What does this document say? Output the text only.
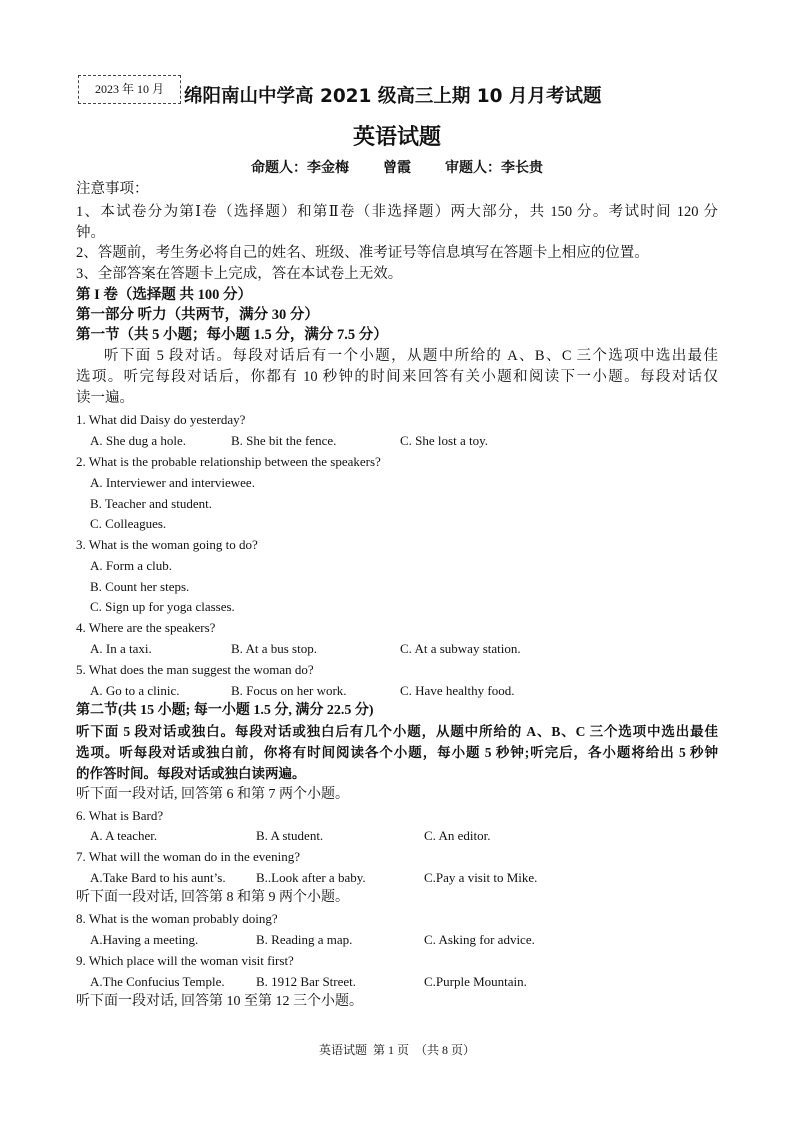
2023 年 10 月	绵阳南山中学高 2021 级高三上期 10 月月考试题
英语试题
命题人：李金梅    曾霞    审题人：李长贵
注意事项：
1、本试卷分为第Ⅰ卷（选择题）和第Ⅱ卷（非选择题）两大部分，共 150 分。考试时间 120 分
钟。
2、答题前，考生务必将自己的姓名、班级、准考证号等信息填写在答题卡上相应的位置。
3、全部答案在答题卡上完成，答在本试卷上无效。
第 I 卷（选择题 共 100 分）
第一部分 听力（共两节，满分 30 分）
第一节（共 5 小题；每小题 1.5 分，满分 7.5 分）
听下面 5 段对话。每段对话后有一个小题，从题中所给的 A、B、C 三个选项中选出最佳
选项。听完每段对话后，你都有 10 秒钟的时间来回答有关小题和阅读下一小题。每段对话仅
读一遍。
1. What did Daisy do yesterday?
A. She dug a hole.	B. She bit the fence.	C. She lost a toy.
2. What is the probable relationship between the speakers?
A. Interviewer and interviewee.
B. Teacher and student.
C. Colleagues.
3. What is the woman going to do?
A. Form a club.
B. Count her steps.
C. Sign up for yoga classes.
4. Where are the speakers?
A. In a taxi.	B. At a bus stop.	C. At a subway station.
5. What does the man suggest the woman do?
A. Go to a clinic.	B. Focus on her work.	C. Have healthy food.
第二节(共 15 小题; 每一小题 1.5 分, 满分 22.5 分)
听下面 5 段对话或独白。每段对话或独白后有几个小题，从题中所给的 A、B、C 三个选项中选出最佳
选项。听每段对话或独白前，你将有时间阅读各个小题，每小题 5 秒钟;听完后，各小题将给出 5 秒钟
的作答时间。每段对话或独白读两遍。
听下面一段对话, 回答第 6 和第 7 两个小题。
6. What is Bard?
A. A teacher.	B. A student.	C. An editor.
7. What will the woman do in the evening?
A.Take Bard to his aunt’s. B..Look after a baby.	C.Pay a visit to Mike.
听下面一段对话, 回答第 8 和第 9 两个小题。
8. What is the woman probably doing?
A.Having a meeting.	B. Reading a map.	C. Asking for advice.
9. Which place will the woman visit first?
A.The Confucius Temple. B. 1912 Bar Street.	C.Purple Mountain.
听下面一段对话, 回答第 10 至第 12 三个小题。
英语试题  第 1 页  （共 8 页）
